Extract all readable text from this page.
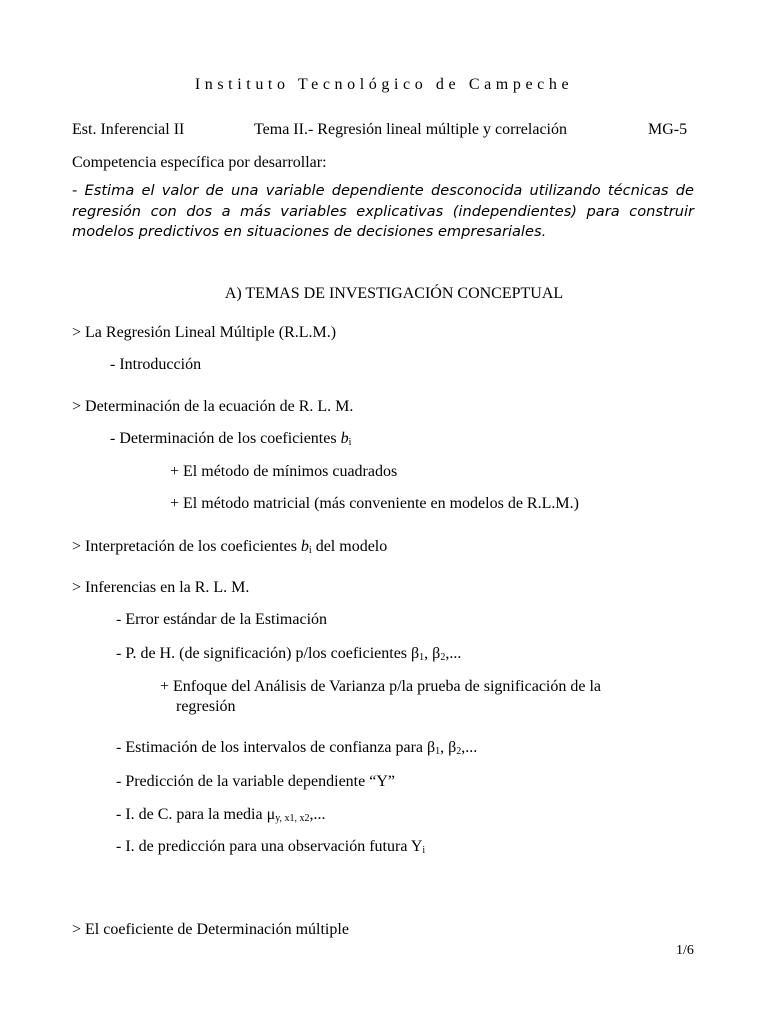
Instituto Tecnológico de Campeche
Est. Inferencial II	Tema II.- Regresión lineal múltiple y correlación	MG-5
Competencia específica por desarrollar:
- Estima el valor de una variable dependiente desconocida utilizando técnicas de regresión con dos a más variables explicativas (independientes) para construir modelos predictivos en situaciones de decisiones empresariales.
A) TEMAS DE INVESTIGACIÓN CONCEPTUAL
> La Regresión Lineal Múltiple (R.L.M.)
- Introducción
> Determinación de la ecuación de R. L. M.
- Determinación de los coeficientes $b_i$
+ El método de mínimos cuadrados
+ El método matricial (más conveniente en modelos de R.L.M.)
> Interpretación de los coeficientes $b_i$ del modelo
> Inferencias en la R. L. M.
- Error estándar de la Estimación
- P. de H. (de significación) p/los coeficientes $\beta_1$, $\beta_2$,...
+ Enfoque del Análisis de Varianza p/la prueba de significación de la
regresión
- Estimación de los intervalos de confianza para $\beta_1$, $\beta_2$,...
- Predicción de la variable dependiente “Y”
- I. de C. para la media $\mu_{y, x1, x2}$,...
- I. de predicción para una observación futura $Y_i$
> El coeficiente de Determinación múltiple
1/6
